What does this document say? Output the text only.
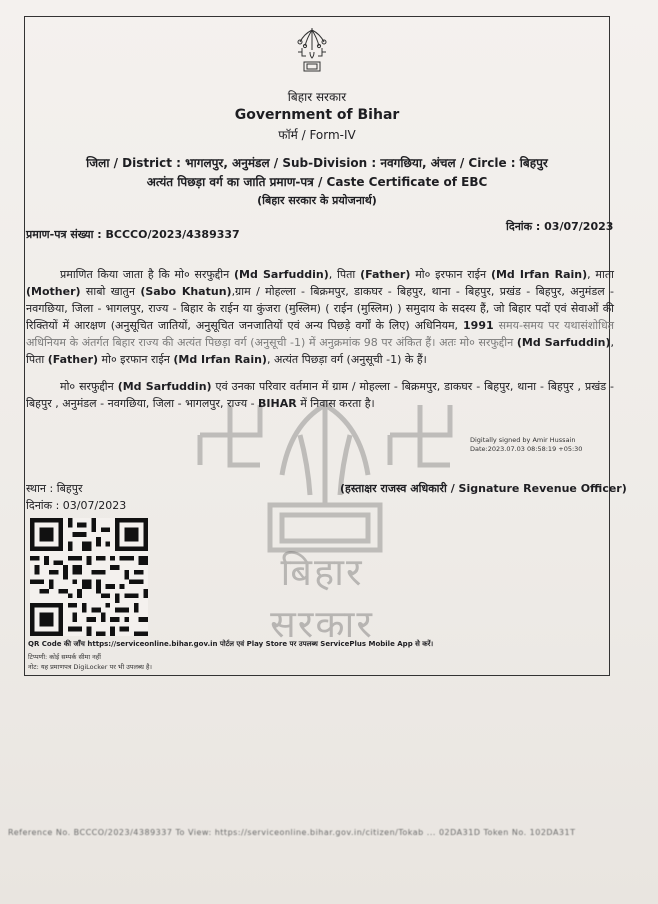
बिहार सरकार
बिहार सरकार
Government of Bihar
फॉर्म / Form-IV
जिला / District : भागलपुर, अनुमंडल / Sub-Division : नवगछिया, अंचल / Circle : बिहपुर
अत्यंत पिछड़ा वर्ग का जाति प्रमाण-पत्र / Caste Certificate of EBC
(बिहार सरकार के प्रयोजनार्थ)
प्रमाण-पत्र संख्या : BCCCO/2023/4389337
दिनांक : 03/07/2023
प्रमाणित किया जाता है कि मो० सरफुद्दीन (Md Sarfuddin), पिता (Father) मो० इरफान राईन (Md Irfan Rain), माता (Mother) साबो खातुन (Sabo Khatun),ग्राम / मोहल्ला - बिक्रमपुर, डाकघर - बिहपुर, थाना - बिहपुर, प्रखंड - बिहपुर, अनुमंडल - नवगछिया, जिला - भागलपुर, राज्य - बिहार के राईन या कुंजरा (मुस्लिम) ( राईन (मुस्लिम) ) समुदाय के सदस्य हैं, जो बिहार पदों एवं सेवाओं की रिक्तियों में आरक्षण (अनुसूचित जातियों, अनुसूचित जनजातियों एवं अन्य पिछड़े वर्गों के लिए) अधिनियम, 1991 समय-समय पर यथासंशोधित अधिनियम के अंतर्गत बिहार राज्य की अत्यंत पिछड़ा वर्ग (अनुसूची -1) में अनुक्रमांक 98 पर अंकित हैं। अतः मो० सरफुद्दीन (Md Sarfuddin), पिता (Father) मो० इरफान राईन (Md Irfan Rain), अत्यंत पिछड़ा वर्ग (अनुसूची -1) के हैं।
मो० सरफुद्दीन (Md Sarfuddin) एवं उनका परिवार वर्तमान में ग्राम / मोहल्ला - बिक्रमपुर, डाकघर - बिहपुर, थाना - बिहपुर , प्रखंड - बिहपुर , अनुमंडल - नवगछिया, जिला - भागलपुर, राज्य - BIHAR में निवास करता है।
Digitally signed by Amir Hussain
Date:2023.07.03 08:58:19 +05:30
स्थान : बिहपुर
दिनांक : 03/07/2023
(हस्ताक्षर राजस्व अधिकारी / Signature Revenue Officer)
QR Code की जाँच https://serviceonline.bihar.gov.in पोर्टल एवं Play Store पर उपलब्ध ServicePlus Mobile App से करें।
टिप्पणी: कोई सम्पर्क सीमा नहीं
नोट: यह प्रमाणपत्र DigiLocker पर भी उपलब्ध है।
Reference No. BCCCO/2023/4389337 To View: https://serviceonline.bihar.gov.in/citizen/Tokab ... 02DA31D Token No. 102DA31T
